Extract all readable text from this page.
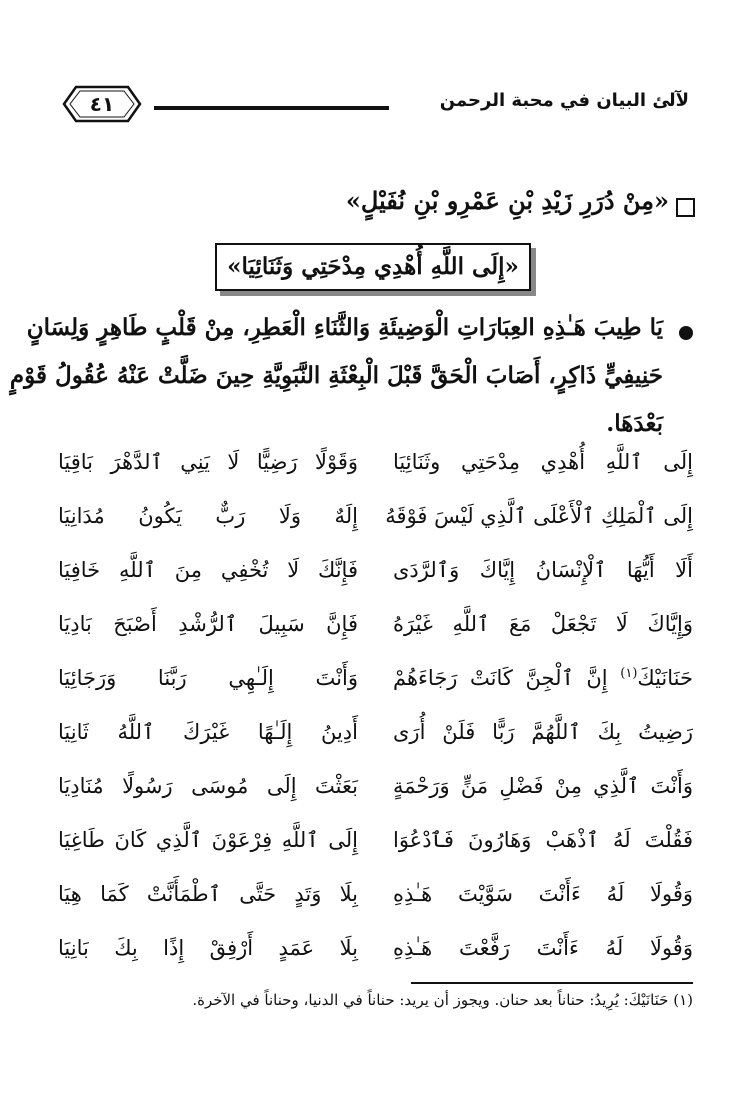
لآلئ البيان في محبة الرحمن
٤١
«مِنْ دُرَرِ زَيْدِ بْنِ عَمْرِو بْنِ نُفَيْلٍ»
«إِلَى اللَّهِ أُهْدِي مِدْحَتِي وَثَنَائِيَا»
يَا طِيبَ هَـٰذِهِ العِبَارَاتِ الْوَضِيئَةِ وَالثَّنَاءِ الْعَطِرِ، مِنْ قَلْبٍ طَاهِرٍ وَلِسَانٍ
حَنِيفِيٍّ ذَاكِرٍ، أَصَابَ الْحَقَّ قَبْلَ الْبِعْثَةِ النَّبَوِيَّةِ حِينَ ضَلَّتْ عَنْهُ عُقُولُ قَوْمٍ
بَعْدَهَا.
إِلَى ٱللَّهِ أُهْدِي مِدْحَتِي وثَنَائِيَا
وَقَوْلًا رَضِيًّا لَا يَنِي ٱلدَّهْرَ بَاقِيَا
إِلَى ٱلْمَلِكِ ٱلْأَعْلَى ٱلَّذِي لَيْسَ فَوْقَهُ
إِلَهٌ وَلَا رَبٌّ يَكُونُ مُدَانِيَا
أَلَا أَيُّهَا ٱلْإِنْسَانُ إِيَّاكَ وَٱلرَّدَى
فَإِنَّكَ لَا تُخْفِي مِنَ ٱللَّهِ خَافِيَا
وَإِيَّاكَ لَا تَجْعَلْ مَعَ ٱللَّهِ غَيْرَهُ
فَإِنَّ سَبِيلَ ٱلرُّشْدِ أَصْبَحَ بَادِيَا
حَنَانَيْكَ$^{(١)}$ إِنَّ ٱلْجِنَّ كَانَتْ رَجَاءَهُمْ
وَأَنْتَ إِلَـٰهِي رَبَّنَا وَرَجَائِيَا
رَضِيتُ بِكَ ٱللَّهُمَّ رَبًّا فَلَنْ أُرَى
أَدِينُ إِلَـٰهًا غَيْرَكَ ٱللَّهُ ثَانِيَا
وَأَنْتَ ٱلَّذِي مِنْ فَضْلِ مَنٍّ وَرَحْمَةٍ
بَعَثْتَ إِلَى مُوسَى رَسُولًا مُنَادِيَا
فَقُلْتَ لَهُ ٱذْهَبْ وَهَارُونَ فَٱدْعُوَا
إِلَى ٱللَّهِ فِرْعَوْنَ ٱلَّذِي كَانَ طَاغِيَا
وَقُولَا لَهُ ءَأَنْتَ سَوَّيْتَ هَـٰذِهِ
بِلَا وَتَدٍ حَتَّى ٱطْمَأَنَّتْ كَمَا هِيَا
وَقُولَا لَهُ ءَأَنْتَ رَفَّعْتَ هَـٰذِهِ
بِلَا عَمَدٍ أَرْفِقْ إِذًا بِكَ بَانِيَا
(١) حَنَانَيْكَ: يُرِيدُ: حناناً بعد حنان. ويجوز أن يريد: حناناً في الدنيا، وحناناً في الآخرة.
